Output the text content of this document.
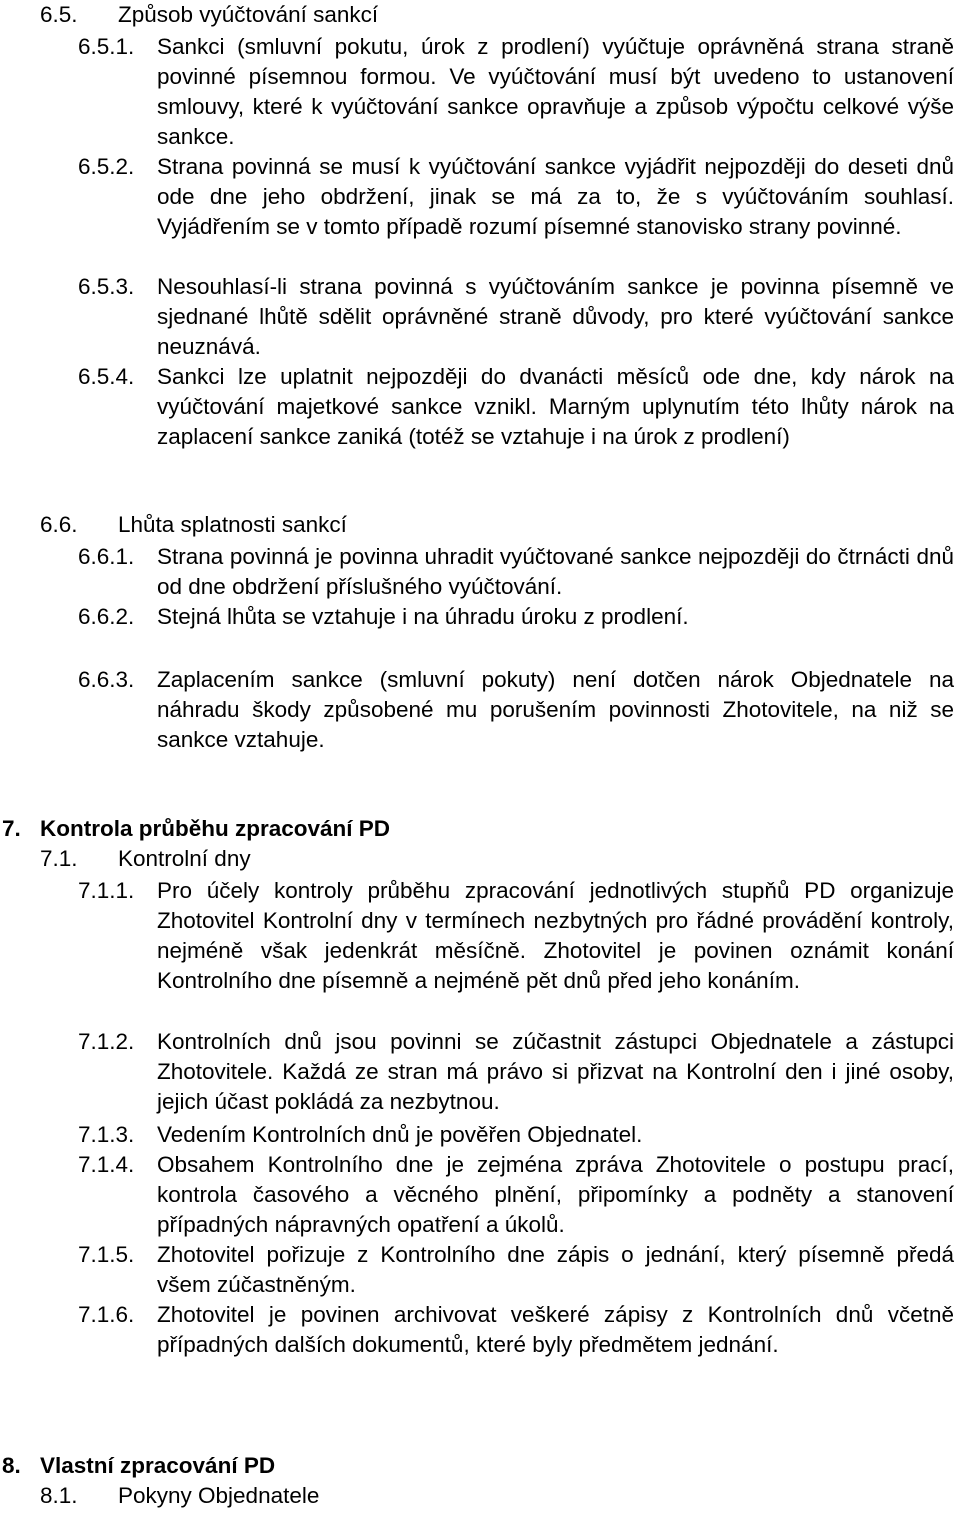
6.5. Způsob vyúčtování sankcí
6.5.1. Sankci (smluvní pokutu, úrok z prodlení) vyúčtuje oprávněná strana straně povinné písemnou formou. Ve vyúčtování musí být uvedeno to ustanovení smlouvy, které k vyúčtování sankce opravňuje a způsob výpočtu celkové výše sankce.
6.5.2. Strana povinná se musí k vyúčtování sankce vyjádřit nejpozději do deseti dnů ode dne jeho obdržení, jinak se má za to, že s vyúčtováním souhlasí. Vyjádřením se v tomto případě rozumí písemné stanovisko strany povinné.
6.5.3. Nesouhlasí-li strana povinná s vyúčtováním sankce je povinna písemně ve sjednané lhůtě sdělit oprávněné straně důvody, pro které vyúčtování sankce neuznává.
6.5.4. Sankci lze uplatnit nejpozději do dvanácti měsíců ode dne, kdy nárok na vyúčtování majetkové sankce vznikl. Marným uplynutím této lhůty nárok na zaplacení sankce zaniká (totéž se vztahuje i na úrok z prodlení)
6.6. Lhůta splatnosti sankcí
6.6.1. Strana povinná je povinna uhradit vyúčtované sankce nejpozději do čtrnácti dnů od dne obdržení příslušného vyúčtování.
6.6.2. Stejná lhůta se vztahuje i na úhradu úroku z prodlení.
6.6.3. Zaplacením sankce (smluvní pokuty) není dotčen nárok Objednatele na náhradu škody způsobené mu porušením povinnosti Zhotovitele, na niž se sankce vztahuje.
7. Kontrola průběhu zpracování PD
7.1. Kontrolní dny
7.1.1. Pro účely kontroly průběhu zpracování jednotlivých stupňů PD organizuje Zhotovitel Kontrolní dny v termínech nezbytných pro řádné provádění kontroly, nejméně však jedenkrát měsíčně. Zhotovitel je povinen oznámit konání Kontrolního dne písemně a nejméně pět dnů před jeho konáním.
7.1.2. Kontrolních dnů jsou povinni se zúčastnit zástupci Objednatele a zástupci Zhotovitele. Každá ze stran má právo si přizvat na Kontrolní den i jiné osoby, jejich účast pokládá za nezbytnou.
7.1.3. Vedením Kontrolních dnů je pověřen Objednatel.
7.1.4. Obsahem Kontrolního dne je zejména zpráva Zhotovitele o postupu prací, kontrola časového a věcného plnění, připomínky a podněty a stanovení případných nápravných opatření a úkolů.
7.1.5. Zhotovitel pořizuje z Kontrolního dne zápis o jednání, který písemně předá všem zúčastněným.
7.1.6. Zhotovitel je povinen archivovat veškeré zápisy z Kontrolních dnů včetně případných dalších dokumentů, které byly předmětem jednání.
8. Vlastní zpracování PD
8.1. Pokyny Objednatele
